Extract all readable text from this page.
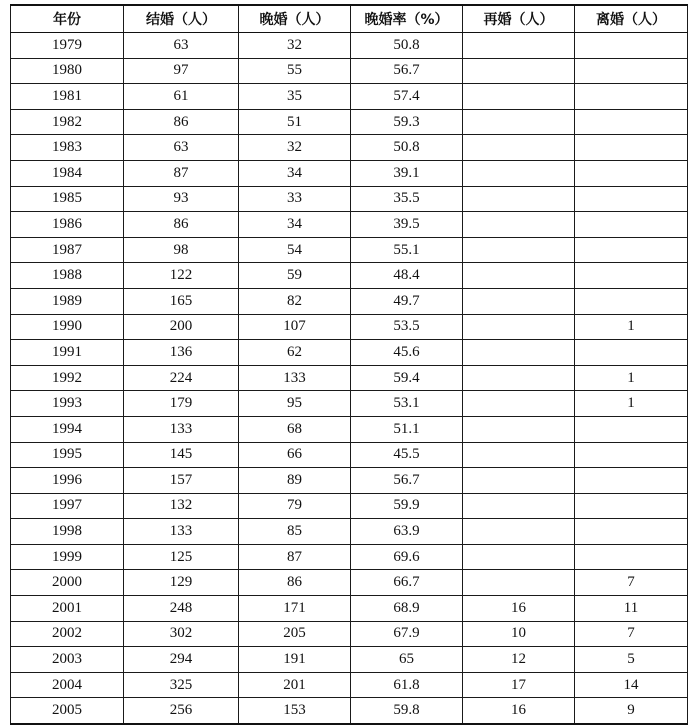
年份	结婚（人）	晚婚（人）	晚婚率（%）	再婚（人）	离婚（人）
1979	63	32	50.8		
1980	97	55	56.7		
1981	61	35	57.4		
1982	86	51	59.3		
1983	63	32	50.8		
1984	87	34	39.1		
1985	93	33	35.5		
1986	86	34	39.5		
1987	98	54	55.1		
1988	122	59	48.4		
1989	165	82	49.7		
1990	200	107	53.5		1
1991	136	62	45.6		
1992	224	133	59.4		1
1993	179	95	53.1		1
1994	133	68	51.1		
1995	145	66	45.5		
1996	157	89	56.7		
1997	132	79	59.9		
1998	133	85	63.9		
1999	125	87	69.6		
2000	129	86	66.7		7
2001	248	171	68.9	16	11
2002	302	205	67.9	10	7
2003	294	191	65	12	5
2004	325	201	61.8	17	14
2005	256	153	59.8	16	9
